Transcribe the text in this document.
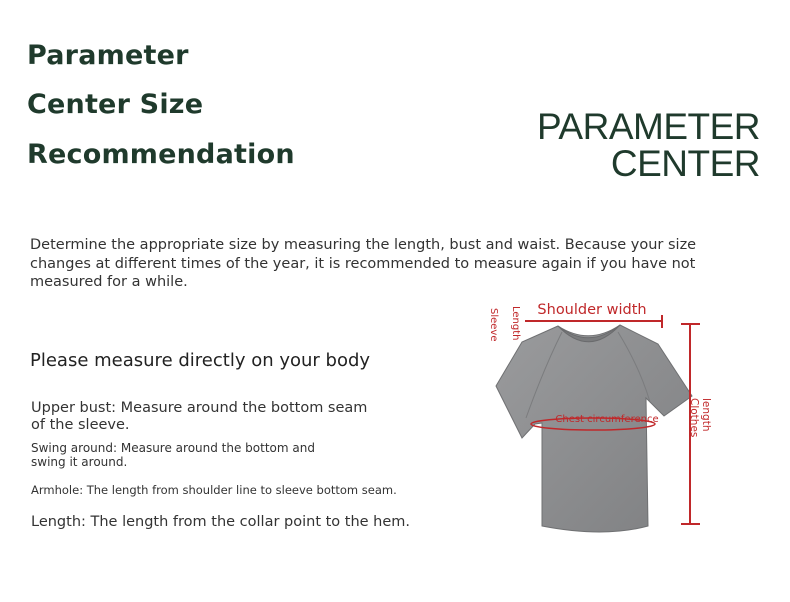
Parameter
Center Size
Recommendation
PARAMETER
CENTER

Determine the appropriate size by measuring the length, bust and waist. Because your size changes at different times of the year, it is recommended to measure again if you have not measured for a while.

Please measure directly on your body

Upper bust: Measure around the bottom seam of the sleeve.

Swing around: Measure around the bottom and swing it around.

Armhole: The length from shoulder line to sleeve bottom seam.

Length: The length from the collar point to the hem.

Shoulder width
Sleeve Length
Chest circumference	length
Clothes
